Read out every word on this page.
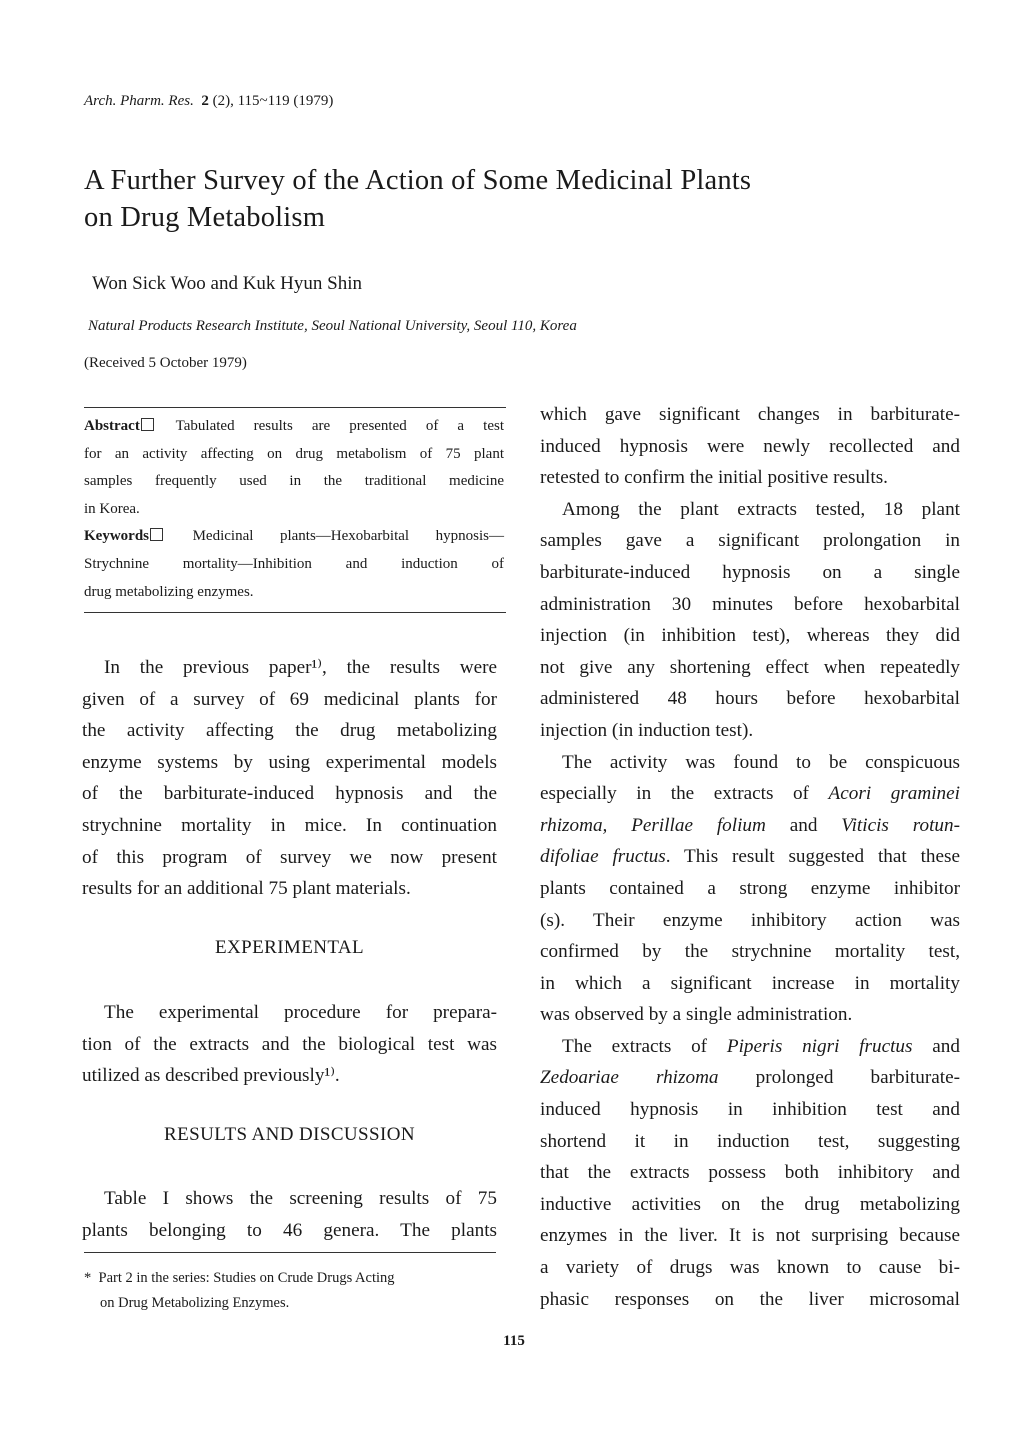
Arch. Pharm. Res. 2 (2), 115~119 (1979)
A Further Survey of the Action of Some Medicinal Plants
on Drug Metabolism
Won Sick Woo and Kuk Hyun Shin
Natural Products Research Institute, Seoul National University, Seoul 110, Korea
(Received 5 October 1979)
Abstract Tabulated results are presented of a test
for an activity affecting on drug metabolism of 75 plant
samples frequently used in the traditional medicine
in Korea.
Keywords	Medicinal plants—Hexobarbital hypnosis—
Strychnine mortality—Inhibition and induction of
drug metabolizing enzymes.
In the previous paper¹⁾, the results were
given of a survey of 69 medicinal plants for
the activity affecting the drug metabolizing
enzyme systems by using experimental models
of the barbiturate-induced hypnosis and the
strychnine mortality in mice. In continuation
of this program of survey we now present
results for an additional 75 plant materials.
EXPERIMENTAL
The experimental procedure for prepara-
tion of the extracts and the biological test was
utilized as described previously¹⁾.
RESULTS AND DISCUSSION
Table I shows the screening results of 75
plants belonging to 46 genera. The plants
* Part 2 in the series: Studies on Crude Drugs Acting
on Drug Metabolizing Enzymes.
which gave significant changes in barbiturate-
induced hypnosis were newly recollected and
retested to confirm the initial positive results.
Among the plant extracts tested, 18 plant
samples gave a significant prolongation in
barbiturate-induced hypnosis on a single
administration 30 minutes before hexobarbital
injection (in inhibition test), whereas they did
not give any shortening effect when repeatedly
administered 48 hours before hexobarbital
injection (in induction test).
The activity was found to be conspicuous
especially in the extracts of Acori graminei
rhizoma, Perillae folium and Viticis rotun-
difoliae fructus. This result suggested that these
plants contained a strong enzyme inhibitor
(s). Their enzyme inhibitory action was
confirmed by the strychnine mortality test,
in which a significant increase in mortality
was observed by a single administration.
The extracts of Piperis nigri fructus and
Zedoariae rhizoma prolonged barbiturate-
induced hypnosis in inhibition test and
shortend it in induction test, suggesting
that the extracts possess both inhibitory and
inductive activities on the drug metabolizing
enzymes in the liver. It is not surprising because
a variety of drugs was known to cause bi-
phasic responses on the liver microsomal
115
